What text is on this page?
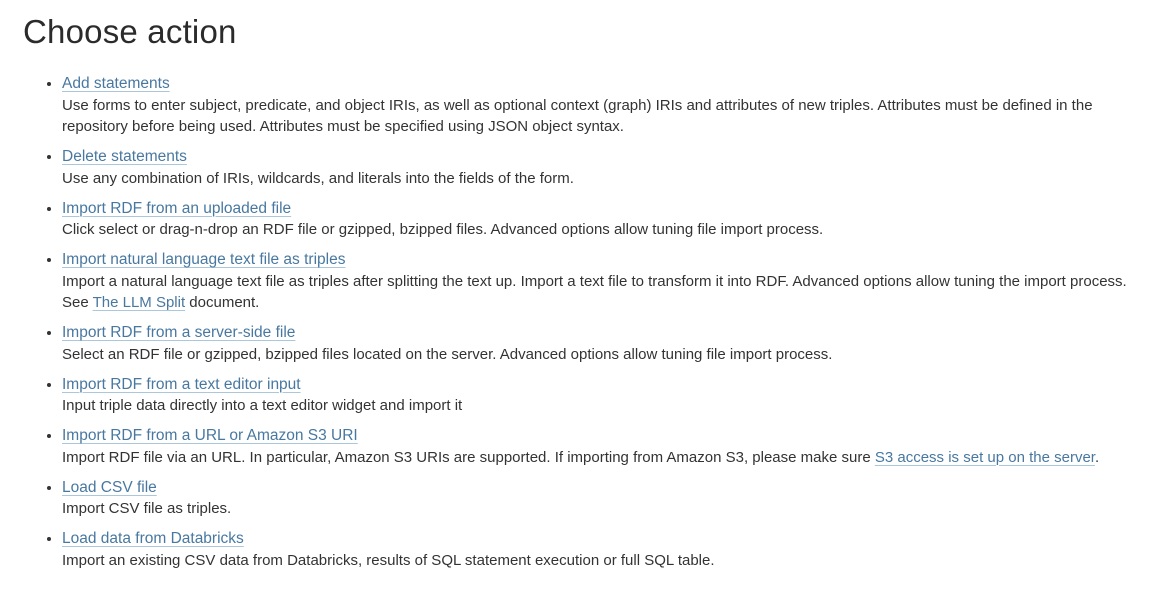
Choose action
• Add statements
Use forms to enter subject, predicate, and object IRIs, as well as optional context (graph) IRIs and attributes of new triples. Attributes must be defined in the repository before being used. Attributes must be specified using JSON object syntax.
• Delete statements
Use any combination of IRIs, wildcards, and literals into the fields of the form.
• Import RDF from an uploaded file
Click select or drag-n-drop an RDF file or gzipped, bzipped files. Advanced options allow tuning file import process.
• Import natural language text file as triples
Import a natural language text file as triples after splitting the text up. Import a text file to transform it into RDF. Advanced options allow tuning the import process. See The LLM Split document.
• Import RDF from a server-side file
Select an RDF file or gzipped, bzipped files located on the server. Advanced options allow tuning file import process.
• Import RDF from a text editor input
Input triple data directly into a text editor widget and import it
• Import RDF from a URL or Amazon S3 URI
Import RDF file via an URL. In particular, Amazon S3 URIs are supported. If importing from Amazon S3, please make sure S3 access is set up on the server.
• Load CSV file
Import CSV file as triples.
• Load data from Databricks
Import an existing CSV data from Databricks, results of SQL statement execution or full SQL table.
